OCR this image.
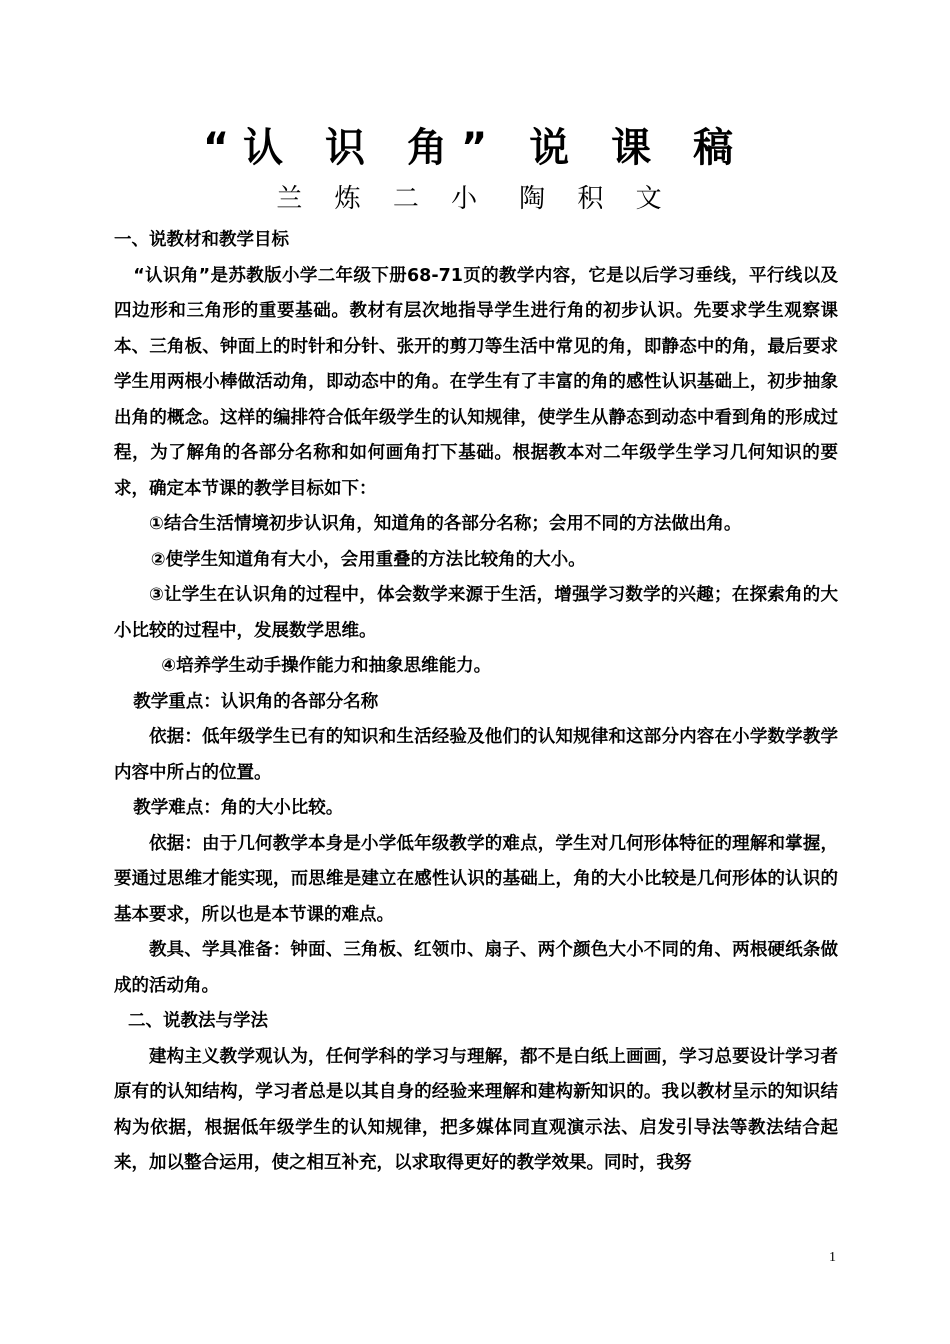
“认 识 角” 说 课 稿
兰 炼 二 小 陶 积 文

一、说教材和教学目标

“认识角”是苏教版小学二年级下册68-71页的教学内容，它是以后学习垂线，平行线以及四边形和三角形的重要基础。教材有层次地指导学生进行角的初步认识。先要求学生观察课本、三角板、钟面上的时针和分针、张开的剪刀等生活中常见的角，即静态中的角，最后要求学生用两根小棒做活动角，即动态中的角。在学生有了丰富的角的感性认识基础上，初步抽象出角的概念。这样的编排符合低年级学生的认知规律，使学生从静态到动态中看到角的形成过程，为了解角的各部分名称和如何画角打下基础。根据教本对二年级学生学习几何知识的要求，确定本节课的教学目标如下：

①结合生活情境初步认识角，知道角的各部分名称；会用不同的方法做出角。

②使学生知道角有大小，会用重叠的方法比较角的大小。

③让学生在认识角的过程中，体会数学来源于生活，增强学习数学的兴趣；在探索角的大小比较的过程中，发展数学思维。

④培养学生动手操作能力和抽象思维能力。

教学重点：认识角的各部分名称

依据：低年级学生已有的知识和生活经验及他们的认知规律和这部分内容在小学数学教学内容中所占的位置。

教学难点：角的大小比较。

依据：由于几何教学本身是小学低年级教学的难点，学生对几何形体特征的理解和掌握，要通过思维才能实现，而思维是建立在感性认识的基础上，角的大小比较是几何形体的认识的基本要求，所以也是本节课的难点。

教具、学具准备：钟面、三角板、红领巾、扇子、两个颜色大小不同的角、两根硬纸条做成的活动角。

二、说教法与学法

建构主义教学观认为，任何学科的学习与理解，都不是白纸上画画，学习总要设计学习者原有的认知结构，学习者总是以其自身的经验来理解和建构新知识的。我以教材呈示的知识结构为依据，根据低年级学生的认知规律，把多媒体同直观演示法、启发引导法等教法结合起来，加以整合运用，使之相互补充，以求取得更好的教学效果。同时，我努

1
